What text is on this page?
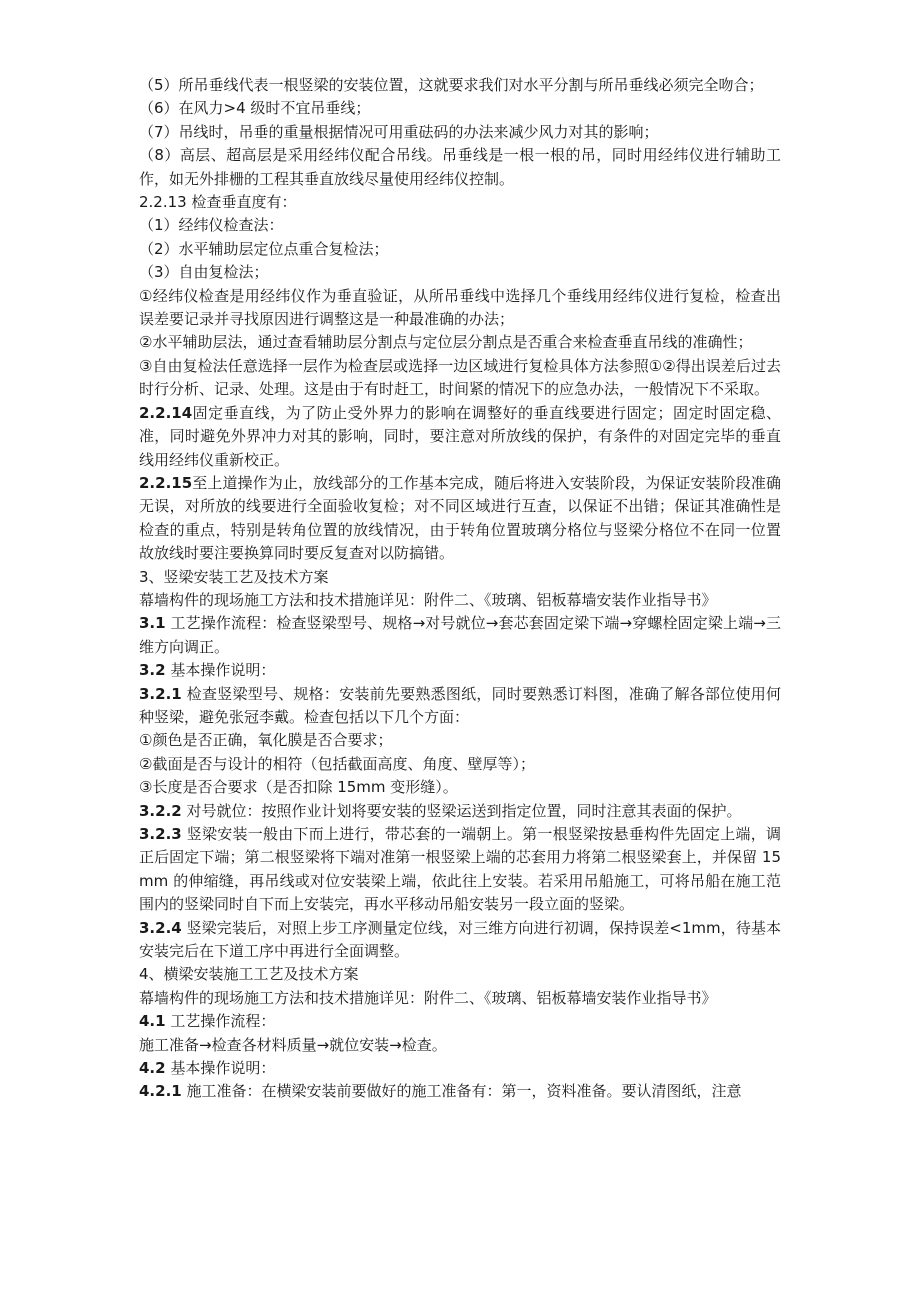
（5）所吊垂线代表一根竖梁的安装位置，这就要求我们对水平分割与所吊垂线必须完全吻合；

（6）在风力>4 级时不宜吊垂线；

（7）吊线时，吊垂的重量根据情况可用重砝码的办法来减少风力对其的影响；

（8）高层、超高层是采用经纬仪配合吊线。吊垂线是一根一根的吊，同时用经纬仪进行辅助工作，如无外排栅的工程其垂直放线尽量使用经纬仪控制。

2.2.13 检查垂直度有：

（1）经纬仪检查法：

（2）水平辅助层定位点重合复检法；

（3）自由复检法；

①经纬仪检查是用经纬仪作为垂直验证，从所吊垂线中选择几个垂线用经纬仪进行复检，检查出误差要记录并寻找原因进行调整这是一种最准确的办法；

②水平辅助层法，通过查看辅助层分割点与定位层分割点是否重合来检查垂直吊线的准确性；

③自由复检法任意选择一层作为检查层或选择一边区域进行复检具体方法参照①②得出误差后过去时行分析、记录、处理。这是由于有时赶工，时间紧的情况下的应急办法，一般情况下不采取。

2.2.14固定垂直线，为了防止受外界力的影响在调整好的垂直线要进行固定；固定时固定稳、准，同时避免外界冲力对其的影响，同时，要注意对所放线的保护，有条件的对固定完毕的垂直线用经纬仪重新校正。

2.2.15至上道操作为止，放线部分的工作基本完成，随后将进入安装阶段，为保证安装阶段准确无误，对所放的线要进行全面验收复检；对不同区域进行互查，以保证不出错；保证其准确性是检查的重点，特别是转角位置的放线情况，由于转角位置玻璃分格位与竖梁分格位不在同一位置故放线时要注要换算同时要反复查对以防搞错。

3、竖梁安装工艺及技术方案

幕墙构件的现场施工方法和技术措施详见：附件二、《玻璃、铝板幕墙安装作业指导书》

3.1 工艺操作流程：检查竖梁型号、规格→对号就位→套芯套固定梁下端→穿螺栓固定梁上端→三维方向调正。

3.2 基本操作说明：

3.2.1 检查竖梁型号、规格：安装前先要熟悉图纸，同时要熟悉订料图，准确了解各部位使用何种竖梁，避免张冠李戴。检查包括以下几个方面：

①颜色是否正确，氧化膜是否合要求；

②截面是否与设计的相符（包括截面高度、角度、壁厚等）；

③长度是否合要求（是否扣除 15mm 变形缝）。

3.2.2 对号就位：按照作业计划将要安装的竖梁运送到指定位置，同时注意其表面的保护。

3.2.3 竖梁安装一般由下而上进行，带芯套的一端朝上。第一根竖梁按悬垂构件先固定上端，调正后固定下端；第二根竖梁将下端对准第一根竖梁上端的芯套用力将第二根竖梁套上，并保留 15mm 的伸缩缝，再吊线或对位安装梁上端，依此往上安装。若采用吊船施工，可将吊船在施工范围内的竖梁同时自下而上安装完，再水平移动吊船安装另一段立面的竖梁。

3.2.4 竖梁完装后，对照上步工序测量定位线，对三维方向进行初调，保持误差<1mm，待基本安装完后在下道工序中再进行全面调整。

4、横梁安装施工工艺及技术方案

幕墙构件的现场施工方法和技术措施详见：附件二、《玻璃、铝板幕墙安装作业指导书》

4.1 工艺操作流程：

施工准备→检查各材料质量→就位安装→检查。

4.2 基本操作说明：

4.2.1 施工准备：在横梁安装前要做好的施工准备有：第一，资料准备。要认清图纸，注意
